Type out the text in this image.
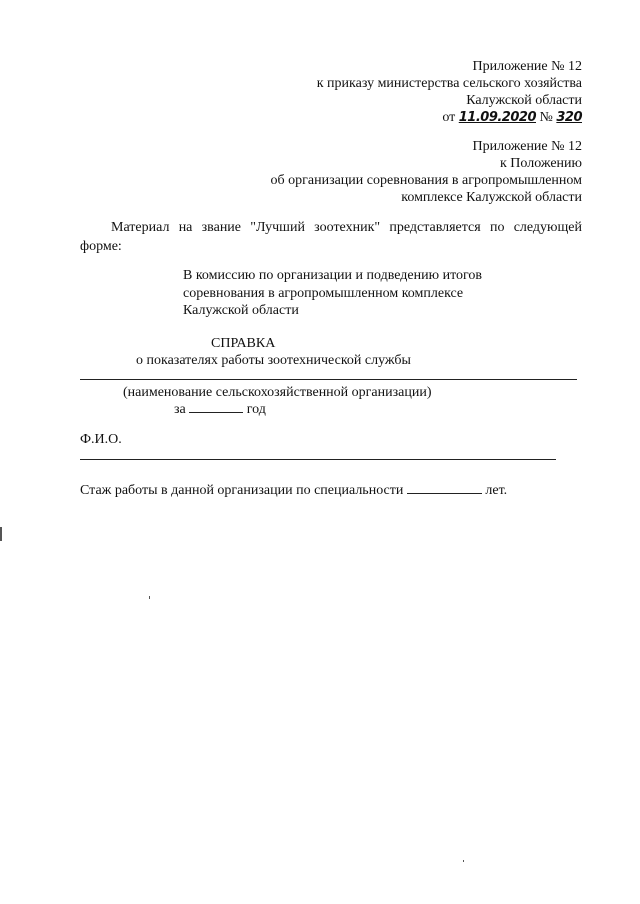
Приложение № 12
к приказу министерства сельского хозяйства
Калужской области
от 11.09.2020 № 320
Приложение № 12
к Положению
об организации соревнования в агропромышленном
комплексе Калужской области
Материал на звание "Лучший зоотехник" представляется по следующей форме:
В комиссию по организации и подведению итогов
соревнования в агропромышленном комплексе
Калужской области
СПРАВКА
о показателях работы зоотехнической службы
(наименование сельскохозяйственной организации)
за	год
Ф.И.О.
Стаж работы в данной организации по специальности	лет.
